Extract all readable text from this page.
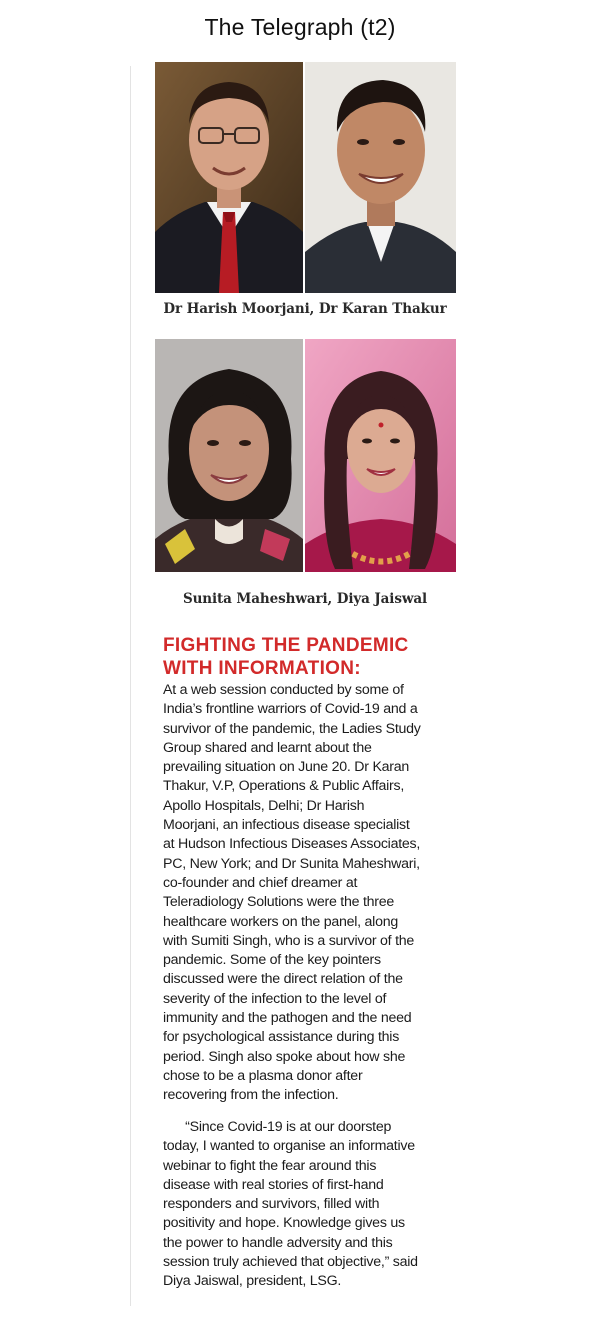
The Telegraph (t2)
Dr Harish Moorjani, Dr Karan Thakur
Sunita Maheshwari, Diya Jaiswal
FIGHTING THE PANDEMIC
WITH INFORMATION:
At a web session conducted by some of
India’s frontline warriors of Covid-19 and a
survivor of the pandemic, the Ladies Study
Group shared and learnt about the
prevailing situation on June 20. Dr Karan
Thakur, V.P, Operations & Public Affairs,
Apollo Hospitals, Delhi; Dr Harish
Moorjani, an infectious disease specialist
at Hudson Infectious Diseases Associates,
PC, New York; and Dr Sunita Maheshwari,
co-founder and chief dreamer at
Teleradiology Solutions were the three
healthcare workers on the panel, along
with Sumiti Singh, who is a survivor of the
pandemic. Some of the key pointers
discussed were the direct relation of the
severity of the infection to the level of
immunity and the pathogen and the need
for psychological assistance during this
period. Singh also spoke about how she
chose to be a plasma donor after
recovering from the infection.
“Since Covid-19 is at our doorstep
today, I wanted to organise an informative
webinar to fight the fear around this
disease with real stories of first-hand
responders and survivors, filled with
positivity and hope. Knowledge gives us
the power to handle adversity and this
session truly achieved that objective,” said
Diya Jaiswal, president, LSG.
